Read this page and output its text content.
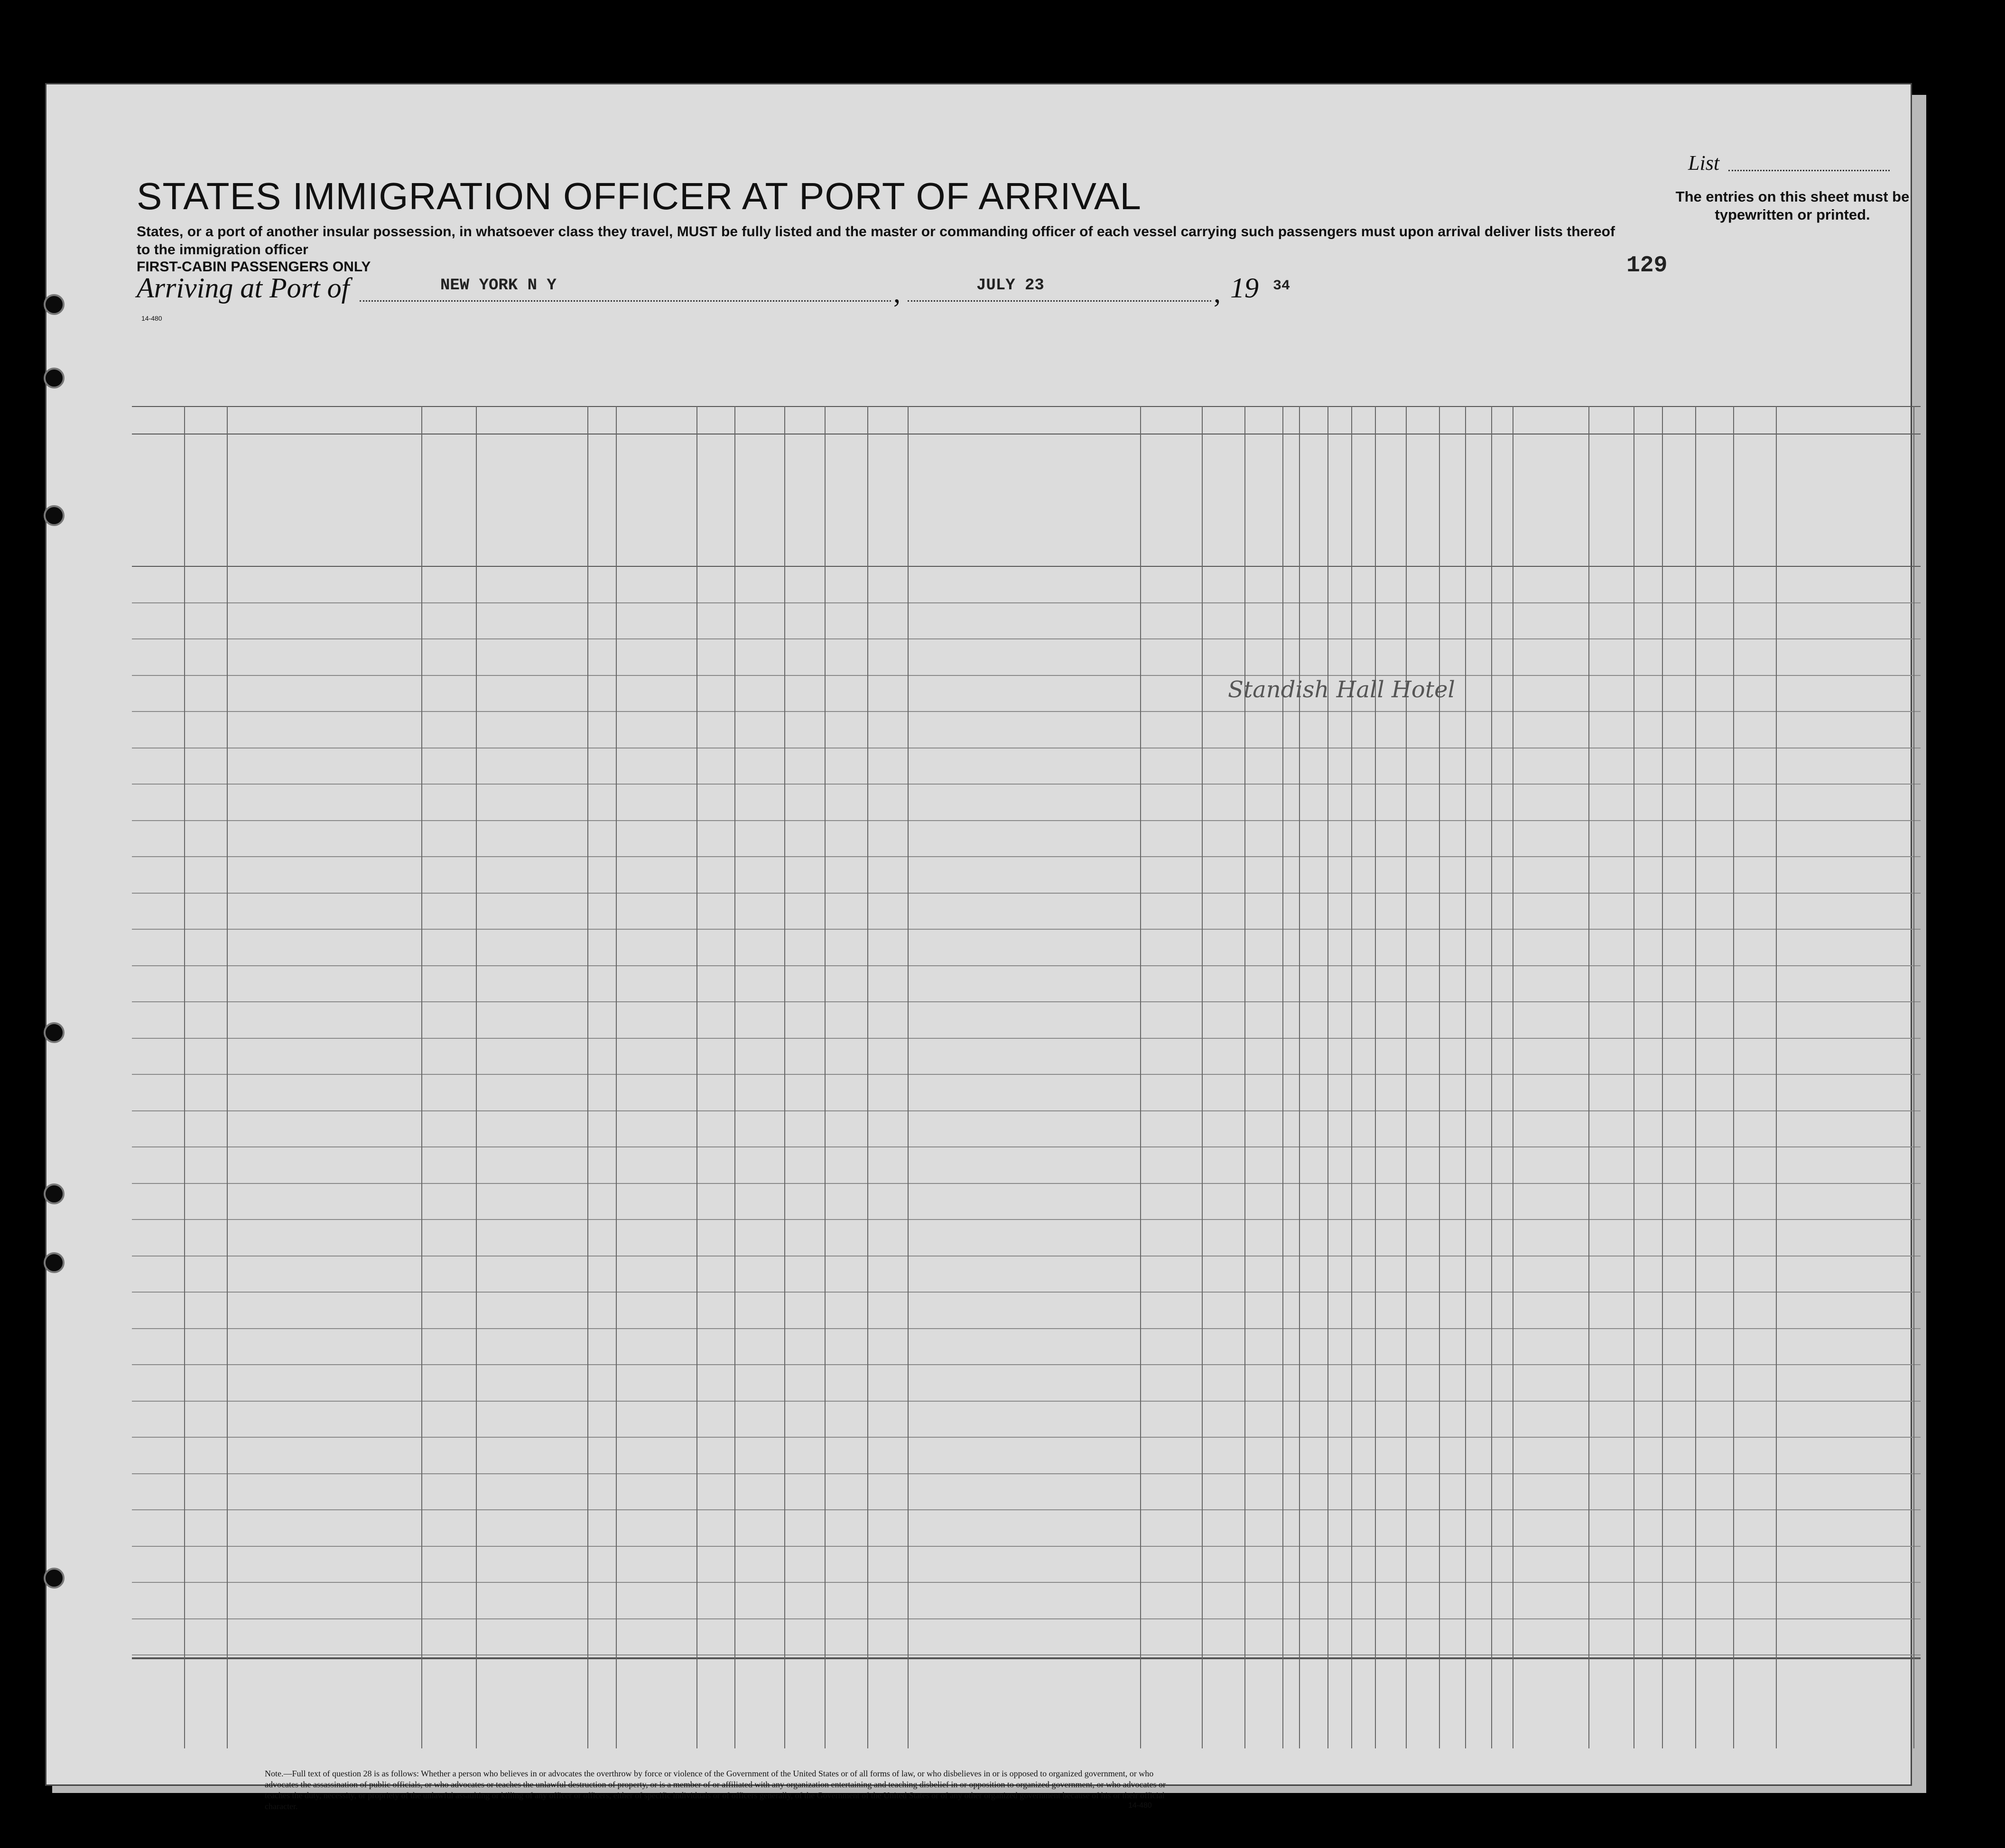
STATES IMMIGRATION OFFICER AT PORT OF ARRIVAL
States, or a port of another insular possession, in whatsoever class they travel, MUST be fully listed and the master or commanding officer of each vessel carrying such passengers must upon arrival deliver lists thereof to the immigration officer
FIRST-CABIN PASSENGERS ONLY
List
The entries on this sheet must be typewritten or printed.
129
Arriving at Port of	NEW YORK N Y	,	JULY 23	, 19 34
14-480
Standish Hall Hotel
Note.—Full text of question 28 is as follows: Whether a person who believes in or advocates the overthrow by force or violence of the Government of the United States or of all forms of law, or who disbelieves in or is opposed to organized government, or who advocates the assassination of public officials, or who advocates or teaches the unlawful destruction of property, or is a member of or affiliated with any organization entertaining and teaching disbelief in or opposition to organized government, or who advocates or teaches the duty, necessity, or propriety of the unlawful assaulting or killing of any officer or officers, either of specific individuals or of officers generally, of the Government of the United States or of any other organized government because of his or their official character.	14-480
